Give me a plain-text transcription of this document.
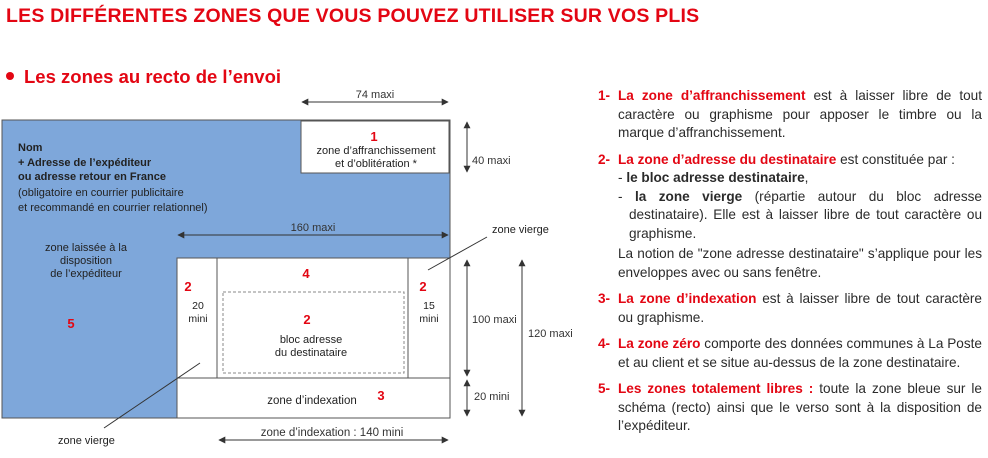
LES DIFFÉRENTES ZONES QUE VOUS POUVEZ UTILISER SUR VOS PLIS
Les zones au recto de l’envoi
74 maxi
40 maxi
160 maxi
100 maxi
120 maxi
20 mini
zone d’indexation : 140 mini
Nom
+ Adresse de l’expéditeur
ou adresse retour en France
(obligatoire en courrier publicitaire
et recommandé en courrier relationnel)
zone laissée à la
disposition
de l’expéditeur
5
1
zone d’affranchissement
et d’oblitération *
4
2
20
mini
2
15
mini
2
bloc adresse
du destinataire
zone d’indexation 3
zone vierge
zone vierge
1- La zone d’affranchissement est à laisser libre de tout caractère ou graphisme pour apposer le timbre ou la marque d’affranchissement.

2- La zone d’adresse du destinataire est constituée par :

- le bloc adresse destinataire,
- la zone vierge (répartie autour du bloc adresse destinataire). Elle est à laisser libre de tout caractère ou graphisme.
La notion de "zone adresse destinataire" s’applique pour les enveloppes avec ou sans fenêtre.
3- La zone d’indexation est à laisser libre de tout caractère ou graphisme.

4- La zone zéro comporte des données communes à La Poste et au client et se situe au-dessus de la zone destinataire.

5- Les zones totalement libres : toute la zone bleue sur le schéma (recto) ainsi que le verso sont à la disposition de l’expéditeur.
